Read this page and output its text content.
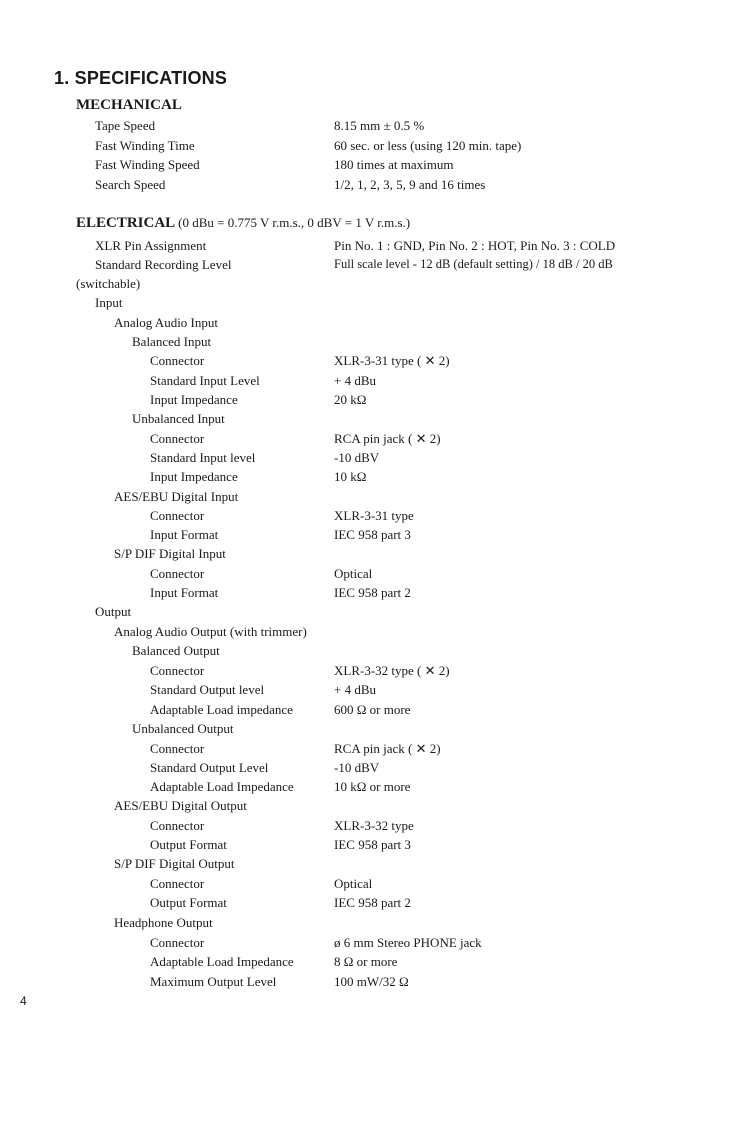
1. SPECIFICATIONS
MECHANICAL
Tape Speed	8.15 mm ± 0.5 %
Fast Winding Time	60 sec. or less (using 120 min. tape)
Fast Winding Speed	180 times at maximum
Search Speed	1/2, 1, 2, 3, 5, 9 and 16 times
ELECTRICAL (0 dBu = 0.775 V r.m.s., 0 dBV = 1 V r.m.s.)
XLR Pin Assignment	Pin No. 1 : GND, Pin No. 2 : HOT, Pin No. 3 : COLD
Standard Recording Level	Full scale level - 12 dB (default setting) / 18 dB / 20 dB
(switchable)
Input
Analog Audio Input
Balanced Input
Connector	XLR-3-31 type ( ✕ 2)
Standard Input Level	+ 4 dBu
Input Impedance	20 kΩ
Unbalanced Input
Connector	RCA pin jack ( ✕ 2)
Standard Input level	-10 dBV
Input Impedance	10 kΩ
AES/EBU Digital Input
Connector	XLR-3-31 type
Input Format	IEC 958 part 3
S/P DIF Digital Input
Connector	Optical
Input Format	IEC 958 part 2
Output
Analog Audio Output (with trimmer)
Balanced Output
Connector	XLR-3-32 type ( ✕ 2)
Standard Output level	+ 4 dBu
Adaptable Load impedance	600 Ω or more
Unbalanced Output
Connector	RCA pin jack ( ✕ 2)
Standard Output Level	-10 dBV
Adaptable Load Impedance	10 kΩ or more
AES/EBU Digital Output
Connector	XLR-3-32 type
Output Format	IEC 958 part 3
S/P DIF Digital Output
Connector	Optical
Output Format	IEC 958 part 2
Headphone Output
Connector	ø 6 mm Stereo PHONE jack
Adaptable Load Impedance	8 Ω or more
Maximum Output Level	100 mW/32 Ω
4
